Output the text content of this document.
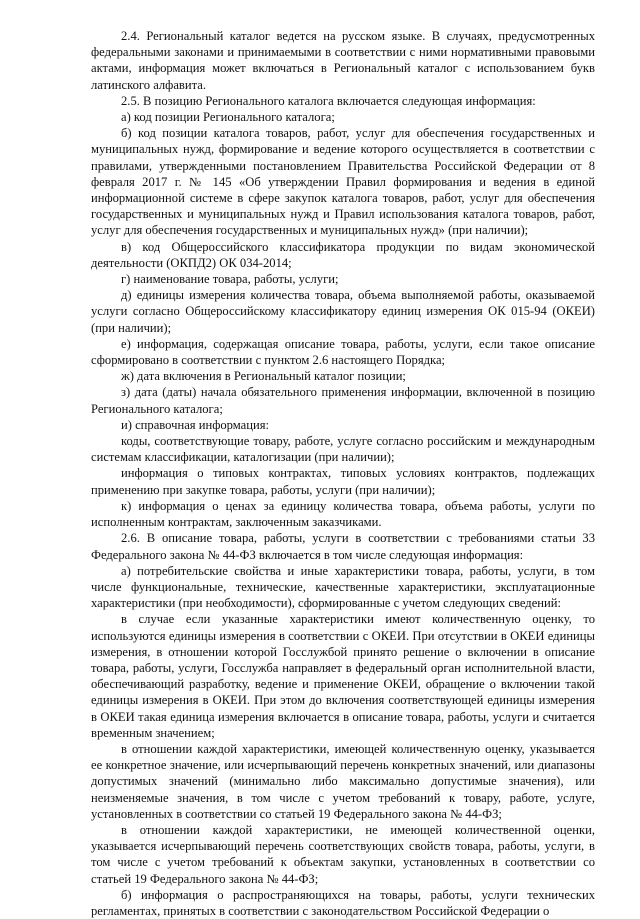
2.4. Региональный каталог ведется на русском языке. В случаях, предусмотренных федеральными законами и принимаемыми в соответствии с ними нормативными правовыми актами, информация может включаться в Региональный каталог с использованием букв латинского алфавита.

2.5. В позицию Регионального каталога включается следующая информация:

а) код позиции Регионального каталога;

б) код позиции каталога товаров, работ, услуг для обеспечения государственных и муниципальных нужд, формирование и ведение которого осуществляется в соответствии с правилами, утвержденными постановлением Правительства Российской Федерации от 8 февраля 2017 г. № 145 «Об утверждении Правил формирования и ведения в единой информационной системе в сфере закупок каталога товаров, работ, услуг для обеспечения государственных и муниципальных нужд и Правил использования каталога товаров, работ, услуг для обеспечения государственных и муниципальных нужд» (при наличии);

в) код Общероссийского классификатора продукции по видам экономической деятельности (ОКПД2) ОК 034-2014;

г) наименование товара, работы, услуги;

д) единицы измерения количества товара, объема выполняемой работы, оказываемой услуги согласно Общероссийскому классификатору единиц измерения ОК 015-94 (ОКЕИ) (при наличии);

е) информация, содержащая описание товара, работы, услуги, если такое описание сформировано в соответствии с пунктом 2.6 настоящего Порядка;

ж) дата включения в Региональный каталог позиции;

з) дата (даты) начала обязательного применения информации, включенной в позицию Регионального каталога;

и) справочная информация:

коды, соответствующие товару, работе, услуге согласно российским и международным системам классификации, каталогизации (при наличии);

информация о типовых контрактах, типовых условиях контрактов, подлежащих применению при закупке товара, работы, услуги (при наличии);

к) информация о ценах за единицу количества товара, объема работы, услуги по исполненным контрактам, заключенным заказчиками.

2.6. В описание товара, работы, услуги в соответствии с требованиями статьи 33 Федерального закона № 44-ФЗ включается в том числе следующая информация:

а) потребительские свойства и иные характеристики товара, работы, услуги, в том числе функциональные, технические, качественные характеристики, эксплуатационные характеристики (при необходимости), сформированные с учетом следующих сведений:

в случае если указанные характеристики имеют количественную оценку, то используются единицы измерения в соответствии с ОКЕИ. При отсутствии в ОКЕИ единицы измерения, в отношении которой Госслужбой принято решение о включении в описание товара, работы, услуги, Госслужба направляет в федеральный орган исполнительной власти, обеспечивающий разработку, ведение и применение ОКЕИ, обращение о включении такой единицы измерения в ОКЕИ. При этом до включения соответствующей единицы измерения в ОКЕИ такая единица измерения включается в описание товара, работы, услуги и считается временным значением;

в отношении каждой характеристики, имеющей количественную оценку, указывается ее конкретное значение, или исчерпывающий перечень конкретных значений, или диапазоны допустимых значений (минимально либо максимально допустимые значения), или неизменяемые значения, в том числе с учетом требований к товару, работе, услуге, установленных в соответствии со статьей 19 Федерального закона № 44-ФЗ;

в отношении каждой характеристики, не имеющей количественной оценки, указывается исчерпывающий перечень соответствующих свойств товара, работы, услуги, в том числе с учетом требований к объектам закупки, установленных в соответствии со статьей 19 Федерального закона № 44-ФЗ;

б) информация о распространяющихся на товары, работы, услуги технических регламентах, принятых в соответствии с законодательством Российской Федерации о
